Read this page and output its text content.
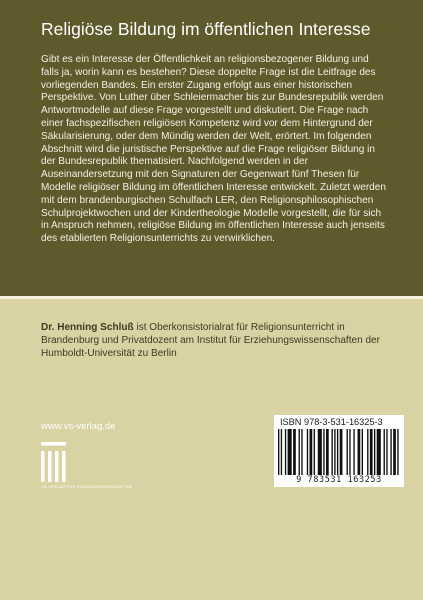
Religiöse Bildung im öffentlichen Interesse

Gibt es ein Interesse der Öffentlichkeit an religionsbezogener Bildung und falls ja, worin kann es bestehen? Diese doppelte Frage ist die Leitfrage des vorliegenden Bandes. Ein erster Zugang erfolgt aus einer historischen Perspektive. Von Luther über Schleiermacher bis zur Bundesrepublik werden Antwortmodelle auf diese Frage vorgestellt und diskutiert. Die Frage nach einer fachspezifischen religiösen Kompetenz wird vor dem Hintergrund der Säkularisierung, oder dem Mündig werden der Welt, erörtert. Im folgenden Abschnitt wird die juristische Perspektive auf die Frage religiöser Bildung in der Bundesrepublik thematisiert. Nachfolgend werden in der Auseinandersetzung mit den Signaturen der Gegenwart fünf Thesen für Modelle religiöser Bildung im öffentlichen Interesse entwickelt. Zuletzt werden mit dem brandenburgischen Schulfach LER, den Religionsphilosophischen Schulprojektwochen und der Kindertheologie Modelle vorgestellt, die für sich in Anspruch nehmen, religiöse Bildung im öffentlichen Interesse auch jenseits des etablierten Religionsunterrichts zu verwirklichen.

Dr. Henning Schluß ist Oberkonsistorialrat für Religionsunterricht in Brandenburg und Privatdozent am Institut für Erziehungswissenschaften der Humboldt-Universität zu Berlin

www.vs-verlag.de
VS VERLAG FÜR SOZIALWISSENSCHAFTEN
ISBN 978-3-531-16325-3
9 783531 163253
